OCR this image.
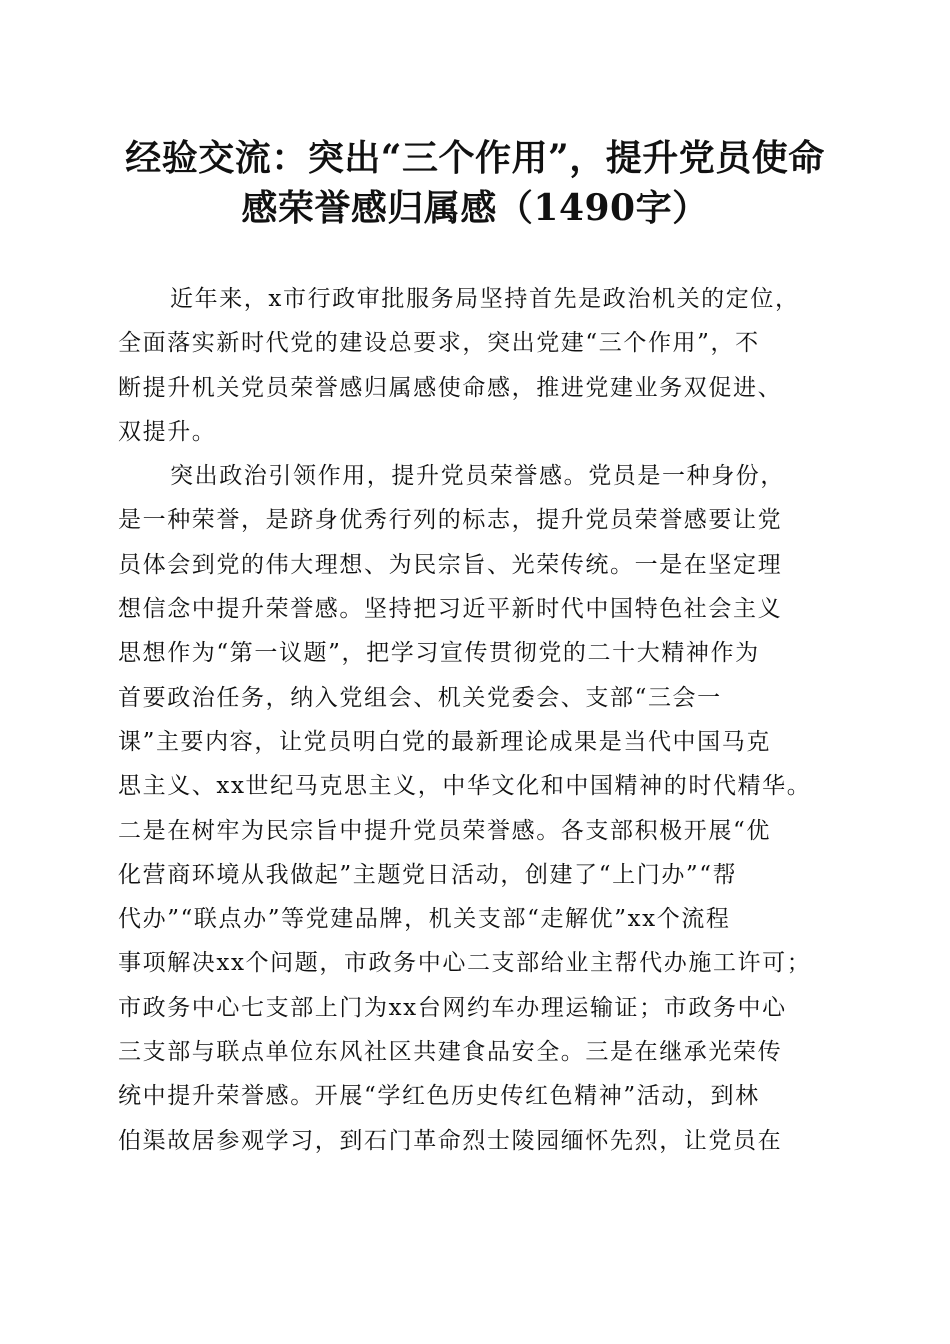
经验交流：突出“三个作用”，提升党员使命
感荣誉感归属感（1490字）
近年来，x市行政审批服务局坚持首先是政治机关的定位，
全面落实新时代党的建设总要求，突出党建“三个作用”，不
断提升机关党员荣誉感归属感使命感，推进党建业务双促进、
双提升。
突出政治引领作用，提升党员荣誉感。党员是一种身份，
是一种荣誉，是跻身优秀行列的标志，提升党员荣誉感要让党
员体会到党的伟大理想、为民宗旨、光荣传统。一是在坚定理
想信念中提升荣誉感。坚持把习近平新时代中国特色社会主义
思想作为“第一议题”，把学习宣传贯彻党的二十大精神作为
首要政治任务，纳入党组会、机关党委会、支部“三会一
课”主要内容，让党员明白党的最新理论成果是当代中国马克
思主义、xx世纪马克思主义，中华文化和中国精神的时代精华。
二是在树牢为民宗旨中提升党员荣誉感。各支部积极开展“优
化营商环境从我做起”主题党日活动，创建了“上门办”“帮
代办”“联点办”等党建品牌，机关支部“走解优”xx个流程
事项解决xx个问题，市政务中心二支部给业主帮代办施工许可；
市政务中心七支部上门为xx台网约车办理运输证；市政务中心
三支部与联点单位东风社区共建食品安全。三是在继承光荣传
统中提升荣誉感。开展“学红色历史传红色精神”活动，到林
伯渠故居参观学习，到石门革命烈士陵园缅怀先烈，让党员在
